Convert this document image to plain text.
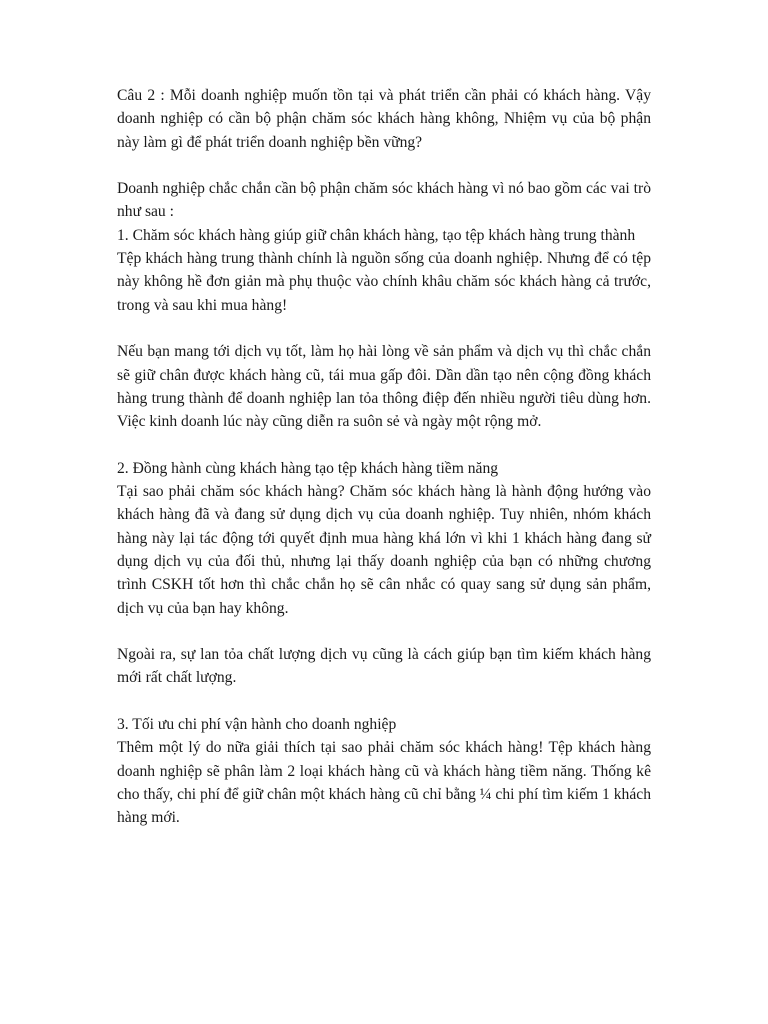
Câu 2 : Mỗi doanh nghiệp muốn tồn tại và phát triển cần phải có khách hàng. Vậy doanh nghiệp có cần bộ phận chăm sóc khách hàng không, Nhiệm vụ của bộ phận này làm gì để phát triển doanh nghiệp bền vững?

Doanh nghiệp chắc chắn cần bộ phận chăm sóc khách hàng vì nó bao gồm các vai trò như sau :

1. Chăm sóc khách hàng giúp giữ chân khách hàng, tạo tệp khách hàng trung thành

Tệp khách hàng trung thành chính là nguồn sống của doanh nghiệp. Nhưng để có tệp này không hề đơn giản mà phụ thuộc vào chính khâu chăm sóc khách hàng cả trước, trong và sau khi mua hàng!

Nếu bạn mang tới dịch vụ tốt, làm họ hài lòng về sản phẩm và dịch vụ thì chắc chắn sẽ giữ chân được khách hàng cũ, tái mua gấp đôi. Dần dần tạo nên cộng đồng khách hàng trung thành để doanh nghiệp lan tỏa thông điệp đến nhiều người tiêu dùng hơn. Việc kinh doanh lúc này cũng diễn ra suôn sẻ và ngày một rộng mở.

2. Đồng hành cùng khách hàng tạo tệp khách hàng tiềm năng

Tại sao phải chăm sóc khách hàng? Chăm sóc khách hàng là hành động hướng vào khách hàng đã và đang sử dụng dịch vụ của doanh nghiệp. Tuy nhiên, nhóm khách hàng này lại tác động tới quyết định mua hàng khá lớn vì khi 1 khách hàng đang sử dụng dịch vụ của đối thủ, nhưng lại thấy doanh nghiệp của bạn có những chương trình CSKH tốt hơn thì chắc chắn họ sẽ cân nhắc có quay sang sử dụng sản phẩm, dịch vụ của bạn hay không.

Ngoài ra, sự lan tỏa chất lượng dịch vụ cũng là cách giúp bạn tìm kiếm khách hàng mới rất chất lượng.

3. Tối ưu chi phí vận hành cho doanh nghiệp

Thêm một lý do nữa giải thích tại sao phải chăm sóc khách hàng! Tệp khách hàng doanh nghiệp sẽ phân làm 2 loại khách hàng cũ và khách hàng tiềm năng. Thống kê cho thấy, chi phí để giữ chân một khách hàng cũ chỉ bằng ¼ chi phí tìm kiếm 1 khách hàng mới.
